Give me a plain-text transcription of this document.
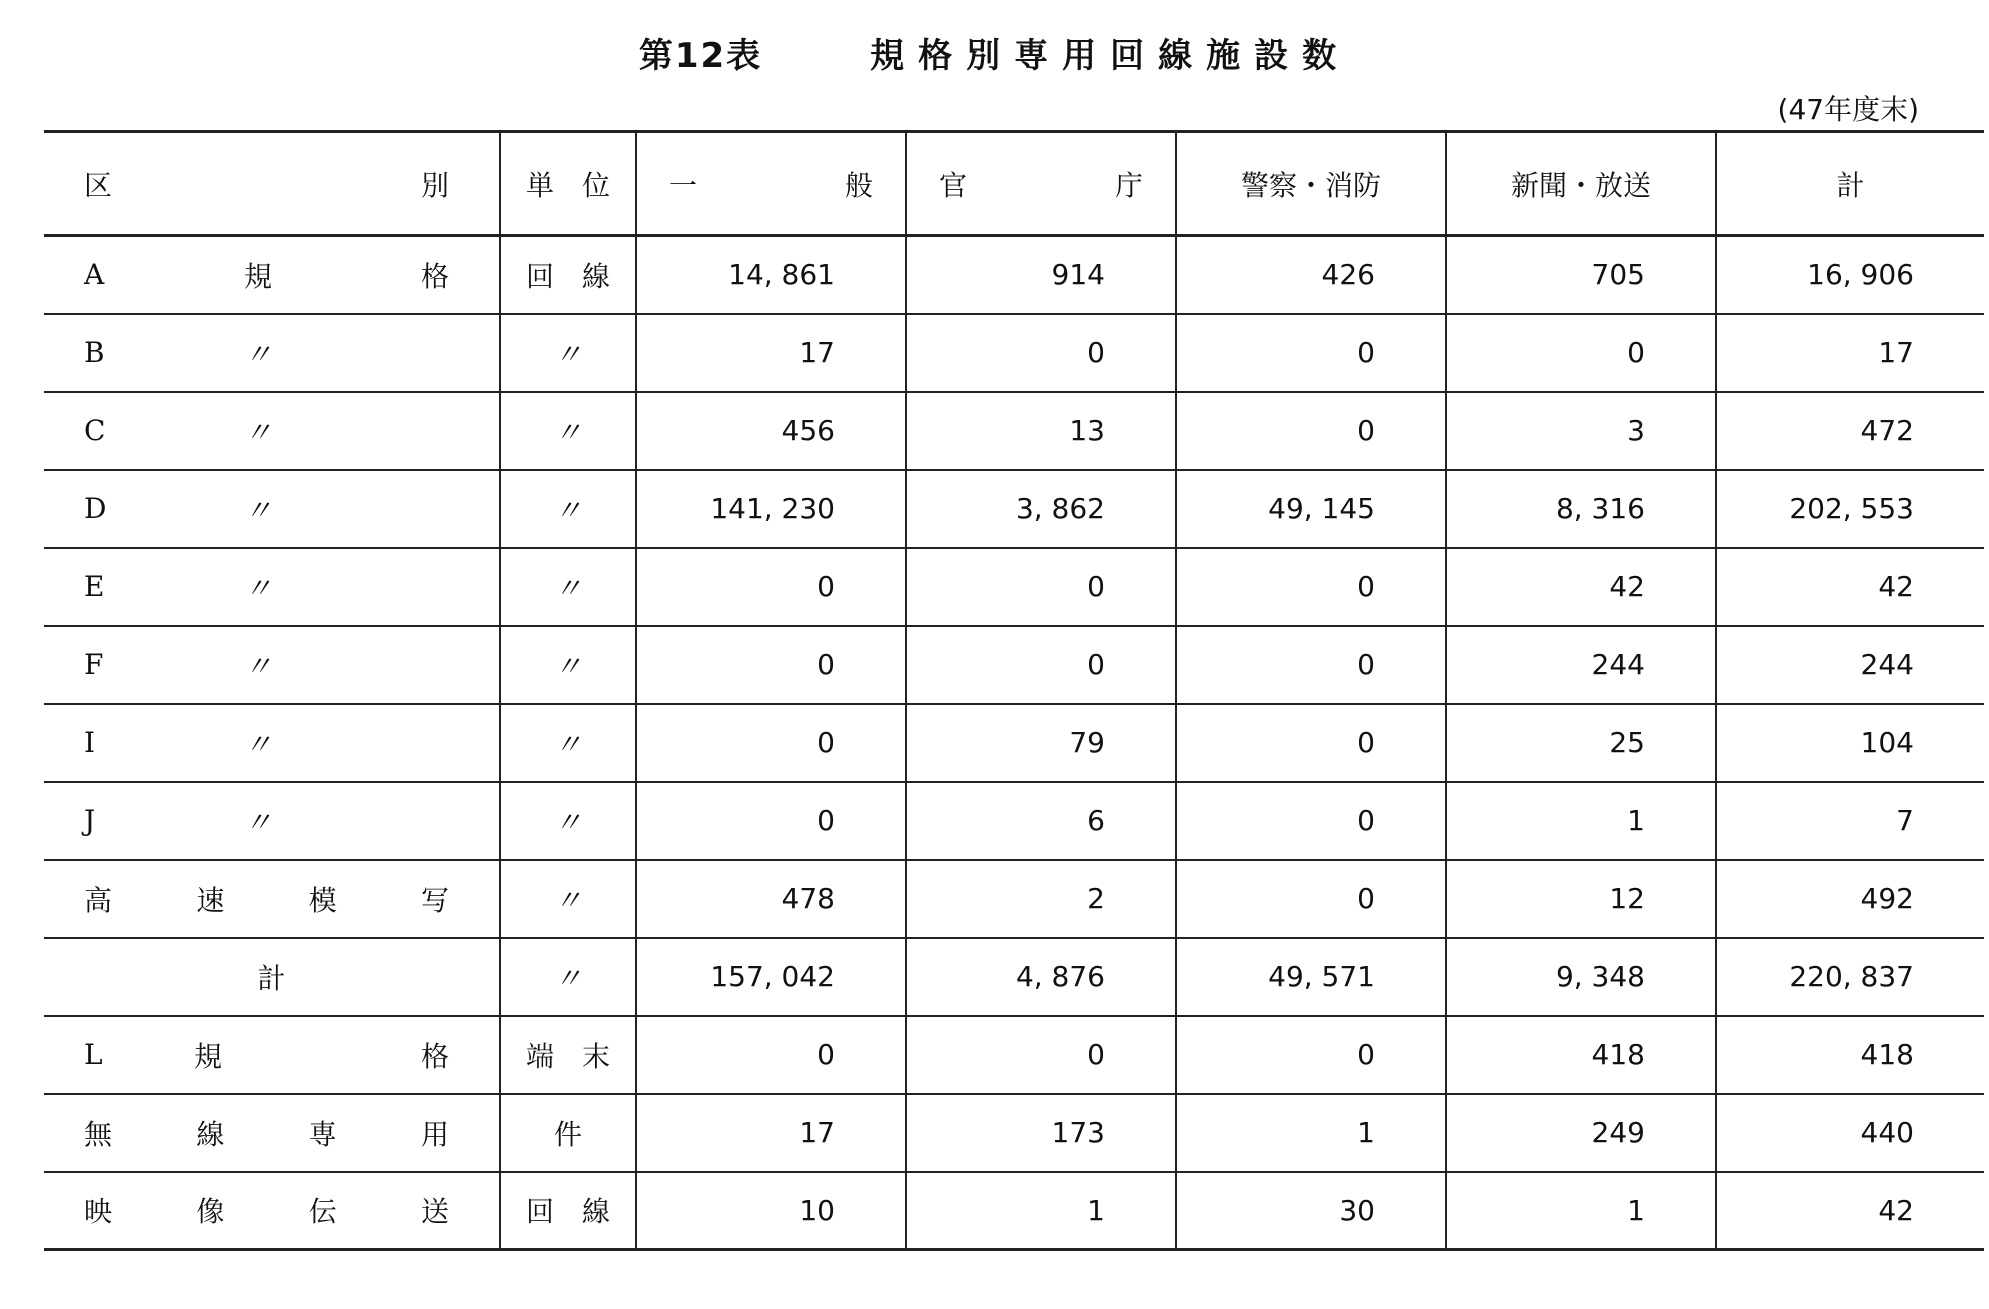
第12表	規格別専用回線施設数
(47年度末)
区　　　　　別	単　位	一　　　　般	官　　　　庁	警察・消防	新聞・放送	計

A 規　　格	回　線	14, 861	914	426	705	16, 906

B 〃	〃	17	0	0	0	17

C 〃	〃	456	13	0	3	472

D 〃	〃	141, 230	3, 862	49, 145	8, 316	202, 553

E 〃	〃	0	0	0	42	42

F 〃	〃	0	0	0	244	244

I 〃	〃	0	79	0	25	104

J 〃	〃	0	6	0	1	7
高速模写	〃	478	2	0	12	492
計	〃	157, 042	4, 876	49, 571	9, 348	220, 837

L 規　　格	端　末	0	0	0	418	418
無線専用	件	17	173	1	249	440
映像伝送	回　線	10	1	30	1	42
